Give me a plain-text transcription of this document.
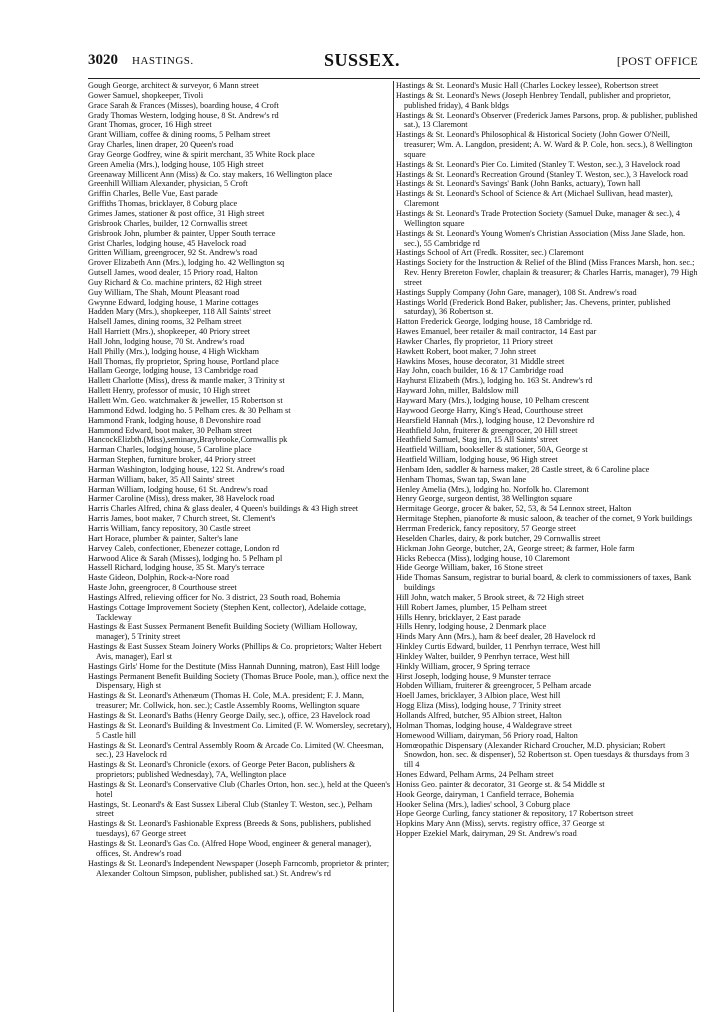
3020 HASTINGS.	SUSSEX.	[POST OFFICE

Gough George, architect & surveyor, 6 Mann street

Gower Samuel, shopkeeper, Tivoli

Grace Sarah & Frances (Misses), boarding house, 4 Croft

Grady Thomas Western, lodging house, 8 St. Andrew's rd

Grant Thomas, grocer, 16 High street

Grant William, coffee & dining rooms, 5 Pelham street

Gray Charles, linen draper, 20 Queen's road

Gray George Godfrey, wine & spirit merchant, 35 White Rock place

Green Amelia (Mrs.), lodging house, 105 High street

Greenaway Millicent Ann (Miss) & Co. stay makers, 16 Wellington place

Greenhill William Alexander, physician, 5 Croft

Griffin Charles, Belle Vue, East parade

Griffiths Thomas, bricklayer, 8 Coburg place

Grimes James, stationer & post office, 31 High street

Grisbrook Charles, builder, 12 Cornwallis street

Grisbrook John, plumber & painter, Upper South terrace

Grist Charles, lodging house, 45 Havelock road

Gritten William, greengrocer, 92 St. Andrew's road

Grover Elizabeth Ann (Mrs.), lodging ho. 42 Wellington sq

Gutsell James, wood dealer, 15 Priory road, Halton

Guy Richard & Co. machine printers, 82 High street

Guy William, The Shah, Mount Pleasant road

Gwynne Edward, lodging house, 1 Marine cottages

Hadden Mary (Mrs.), shopkeeper, 118 All Saints' street

Halsell James, dining rooms, 32 Pelham street

Hall Harriett (Mrs.), shopkeeper, 40 Priory street

Hall John, lodging house, 70 St. Andrew's road

Hall Philly (Mrs.), lodging house, 4 High Wickham

Hall Thomas, fly proprietor, Spring house, Portland place

Hallam George, lodging house, 13 Cambridge road

Hallett Charlotte (Miss), dress & mantle maker, 3 Trinity st

Hallett Henry, professor of music, 10 High street

Hallett Wm. Geo. watchmaker & jeweller, 15 Robertson st

Hammond Edwd. lodging ho. 5 Pelham cres. & 30 Pelham st

Hammond Frank, lodging house, 8 Devonshire road

Hammond Edward, boot maker, 30 Pelham street

HancockElizbth.(Miss),seminary,Braybrooke,Cornwallis pk

Harman Charles, lodging house, 5 Caroline place

Harman Stephen, furniture broker, 44 Priory street

Harman Washington, lodging house, 122 St. Andrew's road

Harman William, baker, 35 All Saints' street

Harman William, lodging house, 61 St. Andrew's road

Harmer Caroline (Miss), dress maker, 38 Havelock road

Harris Charles Alfred, china & glass dealer, 4 Queen's buildings & 43 High street

Harris James, boot maker, 7 Church street, St. Clement's

Harris William, fancy repository, 30 Castle street

Hart Horace, plumber & painter, Salter's lane

Harvey Caleb, confectioner, Ebenezer cottage, London rd

Harwood Alice & Sarah (Misses), lodging ho. 5 Pelham pl

Hassell Richard, lodging house, 35 St. Mary's terrace

Haste Gideon, Dolphin, Rock-a-Nore road

Haste John, greengrocer, 8 Courthouse street

Hastings Alfred, relieving officer for No. 3 district, 23 South road, Bohemia

Hastings Cottage Improvement Society (Stephen Kent, collector), Adelaide cottage, Tackleway

Hastings & East Sussex Permanent Benefit Building Society (William Holloway, manager), 5 Trinity street

Hastings & East Sussex Steam Joinery Works (Phillips & Co. proprietors; Walter Hebert Avis, manager), Earl st

Hastings Girls' Home for the Destitute (Miss Hannah Dunning, matron), East Hill lodge

Hastings Permanent Benefit Building Society (Thomas Bruce Poole, man.), office next the Dispensary, High st

Hastings & St. Leonard's Athenæum (Thomas H. Cole, M.A. president; F. J. Mann, treasurer; Mr. Collwick, hon. sec.); Castle Assembly Rooms, Wellington square

Hastings & St. Leonard's Baths (Henry George Daily, sec.), office, 23 Havelock road

Hastings & St. Leonard's Building & Investment Co. Limited (F. W. Womersley, secretary), 5 Castle hill

Hastings & St. Leonard's Central Assembly Room & Arcade Co. Limited (W. Cheesman, sec.), 23 Havelock rd

Hastings & St. Leonard's Chronicle (exors. of George Peter Bacon, publishers & proprietors; published Wednesday), 7A, Wellington place

Hastings & St. Leonard's Conservative Club (Charles Orton, hon. sec.), held at the Queen's hotel

Hastings, St. Leonard's & East Sussex Liberal Club (Stanley T. Weston, sec.), Pelham street

Hastings & St. Leonard's Fashionable Express (Breeds & Sons, publishers, published tuesdays), 67 George street

Hastings & St. Leonard's Gas Co. (Alfred Hope Wood, engineer & general manager), offices, St. Andrew's road

Hastings & St. Leonard's Independent Newspaper (Joseph Farncomb, proprietor & printer; Alexander Coltoun Simpson, publisher, published sat.) St. Andrew's rd

Hastings & St. Leonard's Music Hall (Charles Lockey lessee), Robertson street

Hastings & St. Leonard's News (Joseph Henbrey Tendall, publisher and proprietor, published friday), 4 Bank bldgs

Hastings & St. Leonard's Observer (Frederick James Parsons, prop. & publisher, published sat.), 13 Claremont

Hastings & St. Leonard's Philosophical & Historical Society (John Gower O'Neill, treasurer; Wm. A. Langdon, president; A. W. Ward & P. Cole, hon. secs.), 8 Wellington square

Hastings & St. Leonard's Pier Co. Limited (Stanley T. Weston, sec.), 3 Havelock road

Hastings & St. Leonard's Recreation Ground (Stanley T. Weston, sec.), 3 Havelock road

Hastings & St. Leonard's Savings' Bank (John Banks, actuary), Town hall

Hastings & St. Leonard's School of Science & Art (Michael Sullivan, head master), Claremont

Hastings & St. Leonard's Trade Protection Society (Samuel Duke, manager & sec.), 4 Wellington square

Hastings & St. Leonard's Young Women's Christian Association (Miss Jane Slade, hon. sec.), 55 Cambridge rd

Hastings School of Art (Fredk. Rossiter, sec.) Claremont

Hastings Society for the Instruction & Relief of the Blind (Miss Frances Marsh, hon. sec.; Rev. Henry Brereton Fowler, chaplain & treasurer; & Charles Harris, manager), 79 High street

Hastings Supply Company (John Gare, manager), 108 St. Andrew's road

Hastings World (Frederick Bond Baker, publisher; Jas. Chevens, printer, published saturday), 36 Robertson st.

Hatton Frederick George, lodging house, 18 Cambridge rd.

Hawes Emanuel, beer retailer & mail contractor, 14 East par

Hawker Charles, fly proprietor, 11 Priory street

Hawkett Robert, boot maker, 7 John street

Hawkins Moses, house decorator, 31 Middle street

Hay John, coach builder, 16 & 17 Cambridge road

Hayhurst Elizabeth (Mrs.), lodging ho. 163 St. Andrew's rd

Hayward John, miller, Baldslow mill

Hayward Mary (Mrs.), lodging house, 10 Pelham crescent

Haywood George Harry, King's Head, Courthouse street

Hearsfield Hannah (Mrs.), lodging house, 12 Devonshire rd

Heathfield John, fruiterer & greengrocer, 20 Hill street

Heathfield Samuel, Stag inn, 15 All Saints' street

Heatfield William, bookseller & stationer, 50A, George st

Heatfield William, lodging house, 96 High street

Henbam Iden, saddler & harness maker, 28 Castle street, & 6 Caroline place

Henham Thomas, Swan tap, Swan lane

Henley Amelia (Mrs.), lodging ho. Norfolk ho. Claremont

Henry George, surgeon dentist, 38 Wellington square

Hermitage George, grocer & baker, 52, 53, & 54 Lennox street, Halton

Hermitage Stephen, pianoforte & music saloon, & teacher of the cornet, 9 York buildings

Herrman Frederick, fancy repository, 57 George street

Heselden Charles, dairy, & pork butcher, 29 Cornwallis street

Hickman John George, butcher, 2A, George street; & farmer, Hole farm

Hicks Rebecca (Miss), lodging house, 10 Claremont

Hide George William, baker, 16 Stone street

Hide Thomas Sansum, registrar to burial board, & clerk to commissioners of taxes, Bank buildings

Hill John, watch maker, 5 Brook street, & 72 High street

Hill Robert James, plumber, 15 Pelham street

Hills Henry, bricklayer, 2 East parade

Hills Henry, lodging house, 2 Denmark place

Hinds Mary Ann (Mrs.), ham & beef dealer, 28 Havelock rd

Hinkley Curtis Edward, builder, 11 Penrhyn terrace, West hill

Hinkley Walter, builder, 9 Penrhyn terrace, West hill

Hinkly William, grocer, 9 Spring terrace

Hirst Joseph, lodging house, 9 Munster terrace

Hobden William, fruiterer & greengrocer, 5 Pelham arcade

Hoell James, bricklayer, 3 Albion place, West hill

Hogg Eliza (Miss), lodging house, 7 Trinity street

Hollands Alfred, butcher, 95 Albion street, Halton

Holman Thomas, lodging house, 4 Waldegrave street

Homewood William, dairyman, 56 Priory road, Halton

Homœopathic Dispensary (Alexander Richard Croucher, M.D. physician; Robert Snowdon, hon. sec. & dispenser), 52 Robertson st. Open tuesdays & thursdays from 3 till 4

Hones Edward, Pelham Arms, 24 Pelham street

Honiss Geo. painter & decorator, 31 George st. & 54 Middle st

Hook George, dairyman, 1 Canfield terrace, Bohemia

Hooker Selina (Mrs.), ladies' school, 3 Coburg place

Hope George Curling, fancy stationer & repository, 17 Robertson street

Hopkins Mary Ann (Miss), servts. registry office, 37 George st

Hopper Ezekiel Mark, dairyman, 29 St. Andrew's road
